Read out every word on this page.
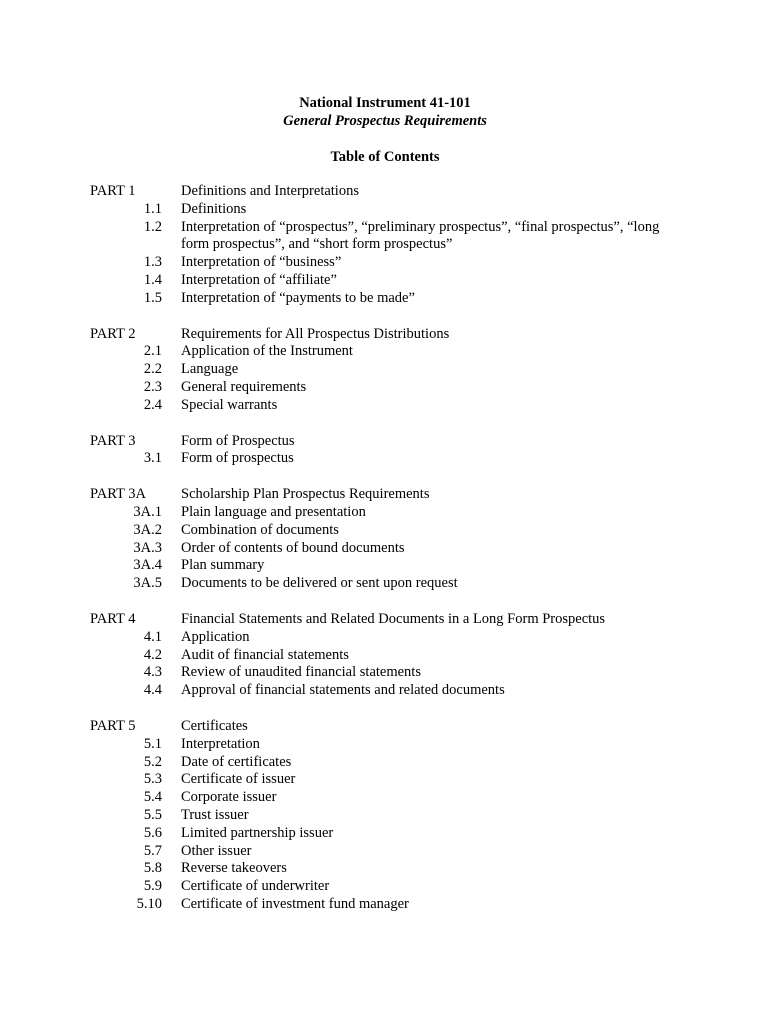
National Instrument 41-101
General Prospectus Requirements
Table of Contents
PART 1	Definitions and Interpretations
1.1 Definitions
1.2 Interpretation of “prospectus”, “preliminary prospectus”, “final prospectus”, “long form prospectus”, and “short form prospectus”
1.3 Interpretation of “business”
1.4 Interpretation of “affiliate”
1.5 Interpretation of “payments to be made”
PART 2	Requirements for All Prospectus Distributions
2.1 Application of the Instrument
2.2 Language
2.3 General requirements
2.4 Special warrants
PART 3	Form of Prospectus
3.1 Form of prospectus
PART 3A Scholarship Plan Prospectus Requirements
3A.1 Plain language and presentation
3A.2 Combination of documents
3A.3 Order of contents of bound documents
3A.4 Plan summary
3A.5 Documents to be delivered or sent upon request
PART 4	Financial Statements and Related Documents in a Long Form Prospectus
4.1 Application
4.2 Audit of financial statements
4.3 Review of unaudited financial statements
4.4 Approval of financial statements and related documents
PART 5	Certificates
5.1 Interpretation
5.2 Date of certificates
5.3 Certificate of issuer
5.4 Corporate issuer
5.5 Trust issuer
5.6 Limited partnership issuer
5.7 Other issuer
5.8 Reverse takeovers
5.9 Certificate of underwriter
5.10 Certificate of investment fund manager
